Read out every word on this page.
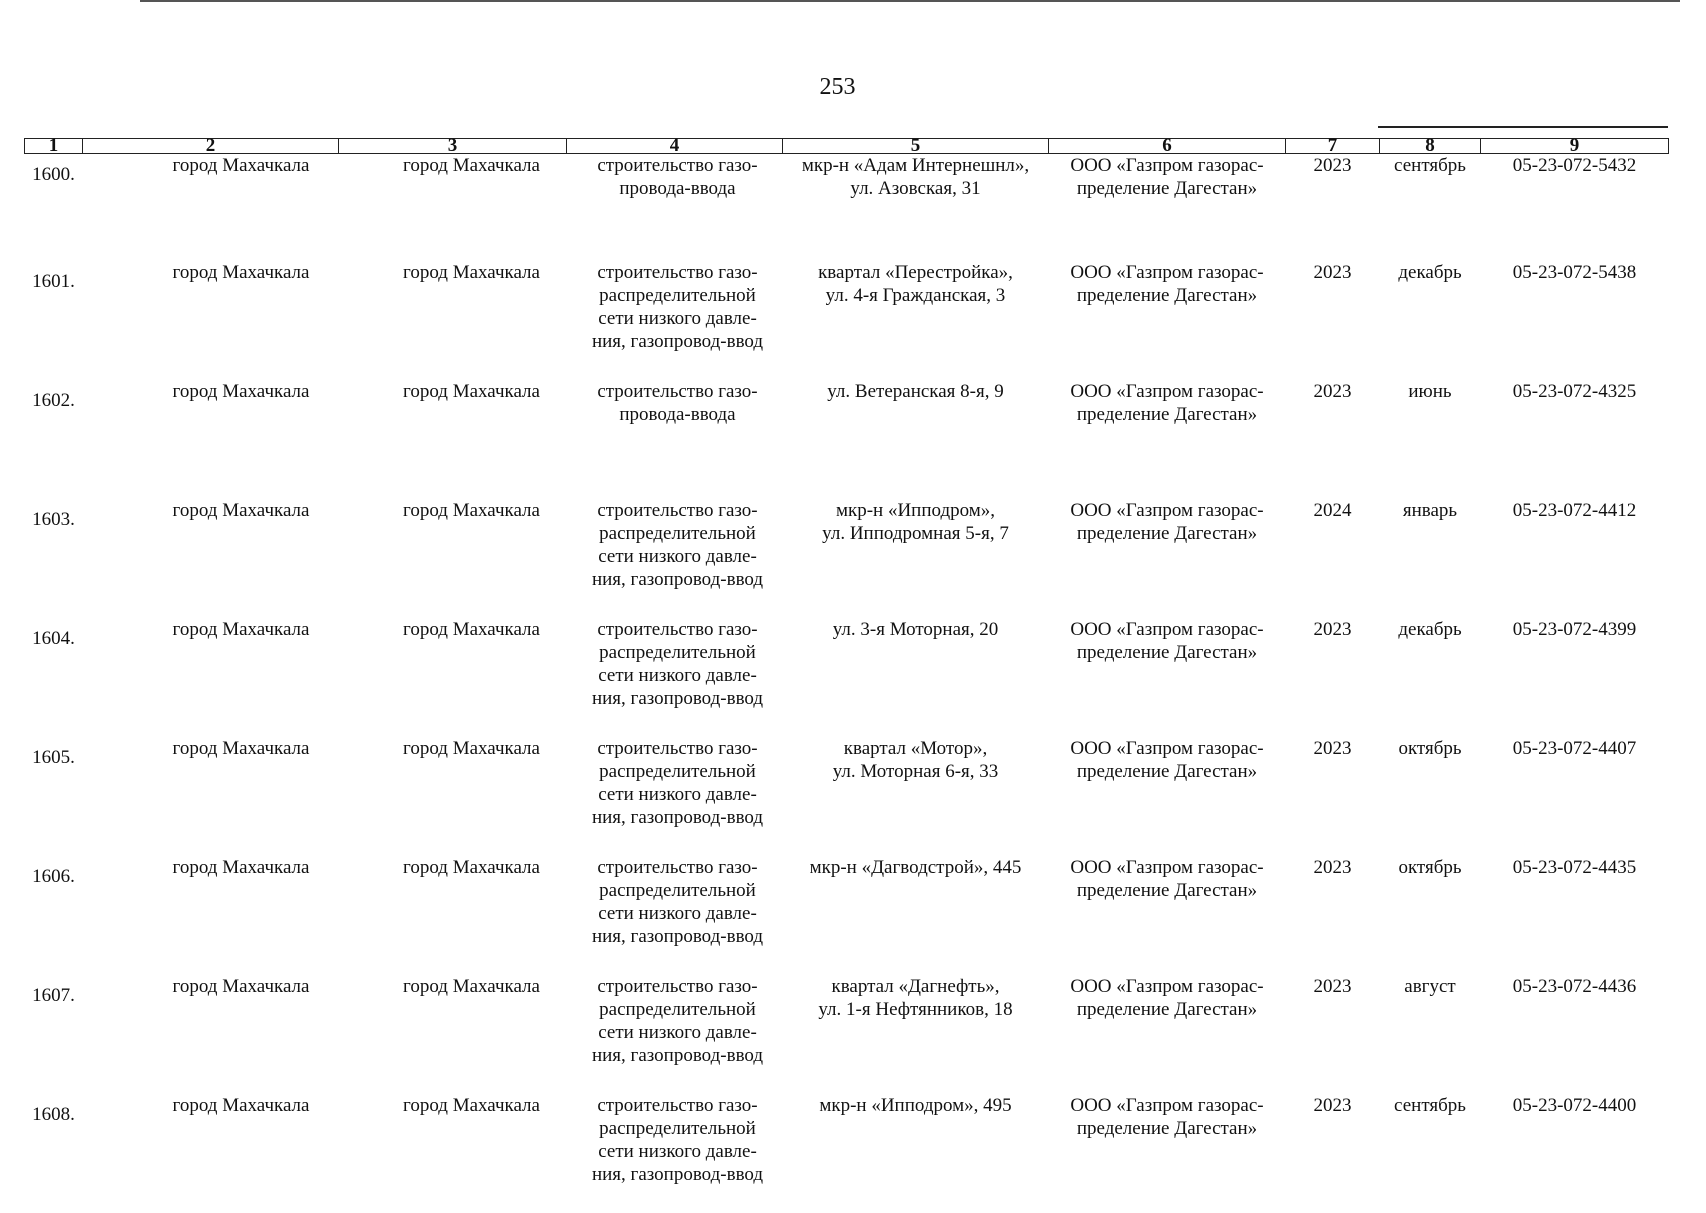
253
1	2	3	4	5	6	7	8	9
1600.	город Махачкала	город Махачкала	строительство газо-
провода-ввода	мкр-н «Адам Интернешнл»,
ул. Азовская, 31	ООО «Газпром газорас-
пределение Дагестан»	2023	сентябрь	05-23-072-5432
1601.	город Махачкала	город Махачкала	строительство газо-
распределительной
сети низкого давле-
ния, газопровод-ввод	квартал «Перестройка»,
ул. 4-я Гражданская, 3	ООО «Газпром газорас-
пределение Дагестан»	2023	декабрь	05-23-072-5438
1602.	город Махачкала	город Махачкала	строительство газо-
провода-ввода	ул. Ветеранская 8-я, 9	ООО «Газпром газорас-
пределение Дагестан»	2023	июнь	05-23-072-4325
1603.	город Махачкала	город Махачкала	строительство газо-
распределительной
сети низкого давле-
ния, газопровод-ввод	мкр-н «Ипподром»,
ул. Ипподромная 5-я, 7	ООО «Газпром газорас-
пределение Дагестан»	2024	январь	05-23-072-4412
1604.	город Махачкала	город Махачкала	строительство газо-
распределительной
сети низкого давле-
ния, газопровод-ввод	ул. 3-я Моторная, 20	ООО «Газпром газорас-
пределение Дагестан»	2023	декабрь	05-23-072-4399
1605.	город Махачкала	город Махачкала	строительство газо-
распределительной
сети низкого давле-
ния, газопровод-ввод	квартал «Мотор»,
ул. Моторная 6-я, 33	ООО «Газпром газорас-
пределение Дагестан»	2023	октябрь	05-23-072-4407
1606.	город Махачкала	город Махачкала	строительство газо-
распределительной
сети низкого давле-
ния, газопровод-ввод	мкр-н «Дагводстрой», 445	ООО «Газпром газорас-
пределение Дагестан»	2023	октябрь	05-23-072-4435
1607.	город Махачкала	город Махачкала	строительство газо-
распределительной
сети низкого давле-
ния, газопровод-ввод	квартал «Дагнефть»,
ул. 1-я Нефтянников, 18	ООО «Газпром газорас-
пределение Дагестан»	2023	август	05-23-072-4436
1608.	город Махачкала	город Махачкала	строительство газо-
распределительной
сети низкого давле-
ния, газопровод-ввод	мкр-н «Ипподром», 495	ООО «Газпром газорас-
пределение Дагестан»	2023	сентябрь	05-23-072-4400
